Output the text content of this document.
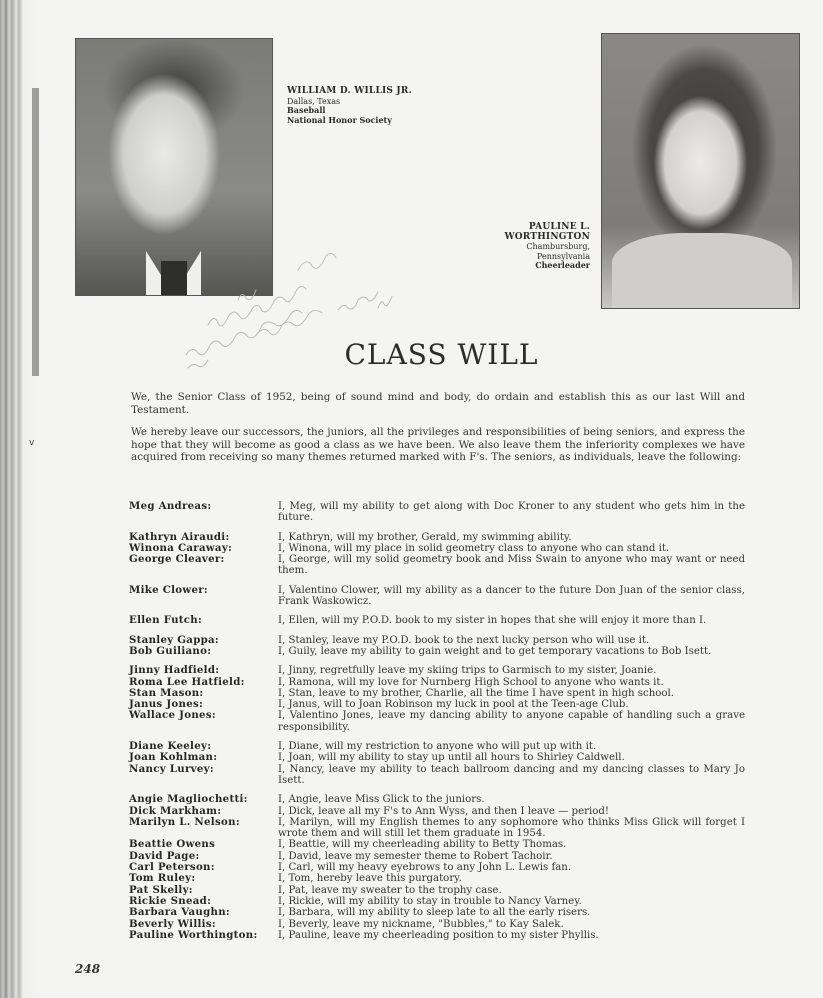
v
WILLIAM D. WILLIS JR.
Dallas, Texas
Baseball
National Honor Society
PAULINE L.
WORTHINGTON
Chambursburg,
Pennsylvania
Cheerleader
CLASS WILL

We, the Senior Class of 1952, being of sound mind and body, do ordain and establish this as our last Will and Testament.

We hereby leave our successors, the juniors, all the privileges and responsibilities of being seniors, and express the hope that they will become as good a class as we have been. We also leave them the inferiority complexes we have acquired from receiving so many themes returned marked with F's. The seniors, as individuals, leave the following:

Meg Andreas:	I, Meg, will my ability to get along with Doc Kroner to any student who gets him in the future.
Kathryn Airaudi:	I, Kathryn, will my brother, Gerald, my swimming ability.
Winona Caraway:	I, Winona, will my place in solid geometry class to anyone who can stand it.
George Cleaver:	I, George, will my solid geometry book and Miss Swain to anyone who may want or need them.
Mike Clower:	I, Valentino Clower, will my ability as a dancer to the future Don Juan of the senior class, Frank Waskowicz.
Ellen Futch:	I, Ellen, will my P.O.D. book to my sister in hopes that she will enjoy it more than I.
Stanley Gappa:	I, Stanley, leave my P.O.D. book to the next lucky person who will use it.
Bob Guiliano:	I, Guily, leave my ability to gain weight and to get temporary vacations to Bob Isett.
Jinny Hadfield:	I, Jinny, regretfully leave my skiing trips to Garmisch to my sister, Joanie.
Roma Lee Hatfield:	I, Ramona, will my love for Nurnberg High School to anyone who wants it.
Stan Mason:	I, Stan, leave to my brother, Charlie, all the time I have spent in high school.
Janus Jones:	I, Janus, will to Joan Robinson my luck in pool at the Teen-age Club.
Wallace Jones:	I, Valentino Jones, leave my dancing ability to anyone capable of handling such a grave responsibility.
Diane Keeley:	I, Diane, will my restriction to anyone who will put up with it.
Joan Kohlman:	I, Joan, will my ability to stay up until all hours to Shirley Caldwell.
Nancy Lurvey:	I, Nancy, leave my ability to teach ballroom dancing and my dancing classes to Mary Jo Isett.
Angie Magliochetti:	I, Angie, leave Miss Glick to the juniors.
Dick Markham:	I, Dick, leave all my F's to Ann Wyss, and then I leave — period!
Marilyn L. Nelson:	I, Marilyn, will my English themes to any sophomore who thinks Miss Glick will forget I wrote them and will still let them graduate in 1954.
Beattie Owens	I, Beattie, will my cheerleading ability to Betty Thomas.
David Page:	I, David, leave my semester theme to Robert Tachoir.
Carl Peterson:	I, Carl, will my heavy eyebrows to any John L. Lewis fan.
Tom Ruley:	I, Tom, hereby leave this purgatory.
Pat Skelly:	I, Pat, leave my sweater to the trophy case.
Rickie Snead:	I, Rickie, will my ability to stay in trouble to Nancy Varney.
Barbara Vaughn:	I, Barbara, will my ability to sleep late to all the early risers.
Beverly Willis:	I, Beverly, leave my nickname, "Bubbles," to Kay Salek.
Pauline Worthington:	I, Pauline, leave my cheerleading position to my sister Phyllis.
248
